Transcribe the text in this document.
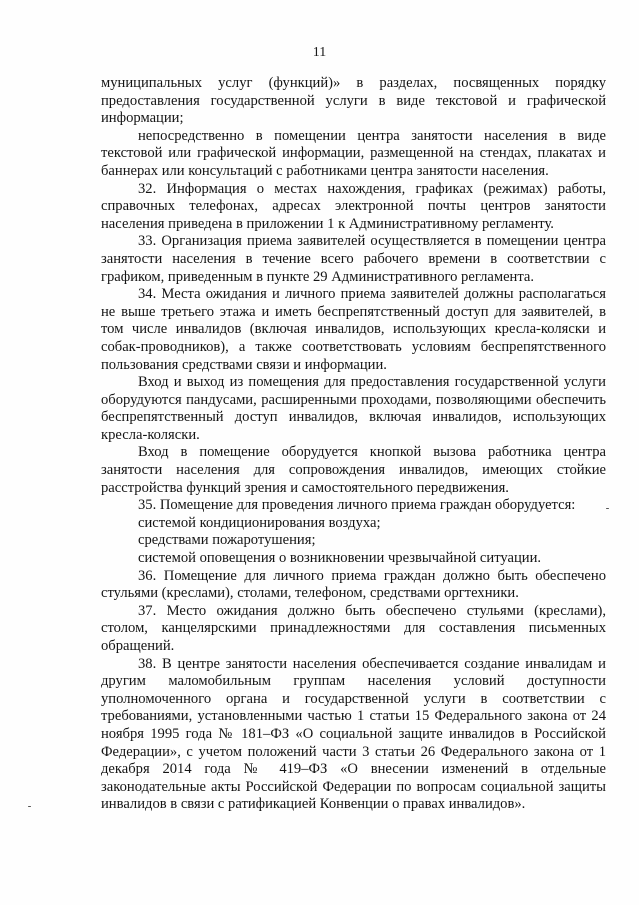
11

муниципальных услуг (функций)» в разделах, посвященных порядку предоставления государственной услуги в виде текстовой и графической информации;

непосредственно в помещении центра занятости населения в виде текстовой или графической информации, размещенной на стендах, плакатах и баннерах или консультаций с работниками центра занятости населения.

32. Информация о местах нахождения, графиках (режимах) работы, справочных телефонах, адресах электронной почты центров занятости населения приведена в приложении 1 к Административному регламенту.

33. Организация приема заявителей осуществляется в помещении центра занятости населения в течение всего рабочего времени в соответствии с графиком, приведенным в пункте 29 Административного регламента.

34. Места ожидания и личного приема заявителей должны располагаться не выше третьего этажа и иметь беспрепятственный доступ для заявителей, в том числе инвалидов (включая инвалидов, использующих кресла-коляски и собак-проводников), а также соответствовать условиям беспрепятственного пользования средствами связи и информации.

Вход и выход из помещения для предоставления государственной услуги оборудуются пандусами, расширенными проходами, позволяющими обеспечить беспрепятственный доступ инвалидов, включая инвалидов, использующих кресла-коляски.

Вход в помещение оборудуется кнопкой вызова работника центра занятости населения для сопровождения инвалидов, имеющих стойкие расстройства функций зрения и самостоятельного передвижения.

35. Помещение для проведения личного приема граждан оборудуется:

системой кондиционирования воздуха;

средствами пожаротушения;

системой оповещения о возникновении чрезвычайной ситуации.

36. Помещение для личного приема граждан должно быть обеспечено стульями (креслами), столами, телефоном, средствами оргтехники.

37. Место ожидания должно быть обеспечено стульями (креслами), столом, канцелярскими принадлежностями для составления письменных обращений.

38. В центре занятости населения обеспечивается создание инвалидам и другим маломобильным группам населения условий доступности уполномоченного органа и государственной услуги в соответствии с требованиями, установленными частью 1 статьи 15 Федерального закона от 24 ноября 1995 года № 181–ФЗ «О социальной защите инвалидов в Российской Федерации», с учетом положений части 3 статьи 26 Федерального закона от 1 декабря 2014 года № 419–ФЗ «О внесении изменений в отдельные законодательные акты Российской Федерации по вопросам социальной защиты инвалидов в связи с ратификацией Конвенции о правах инвалидов».
